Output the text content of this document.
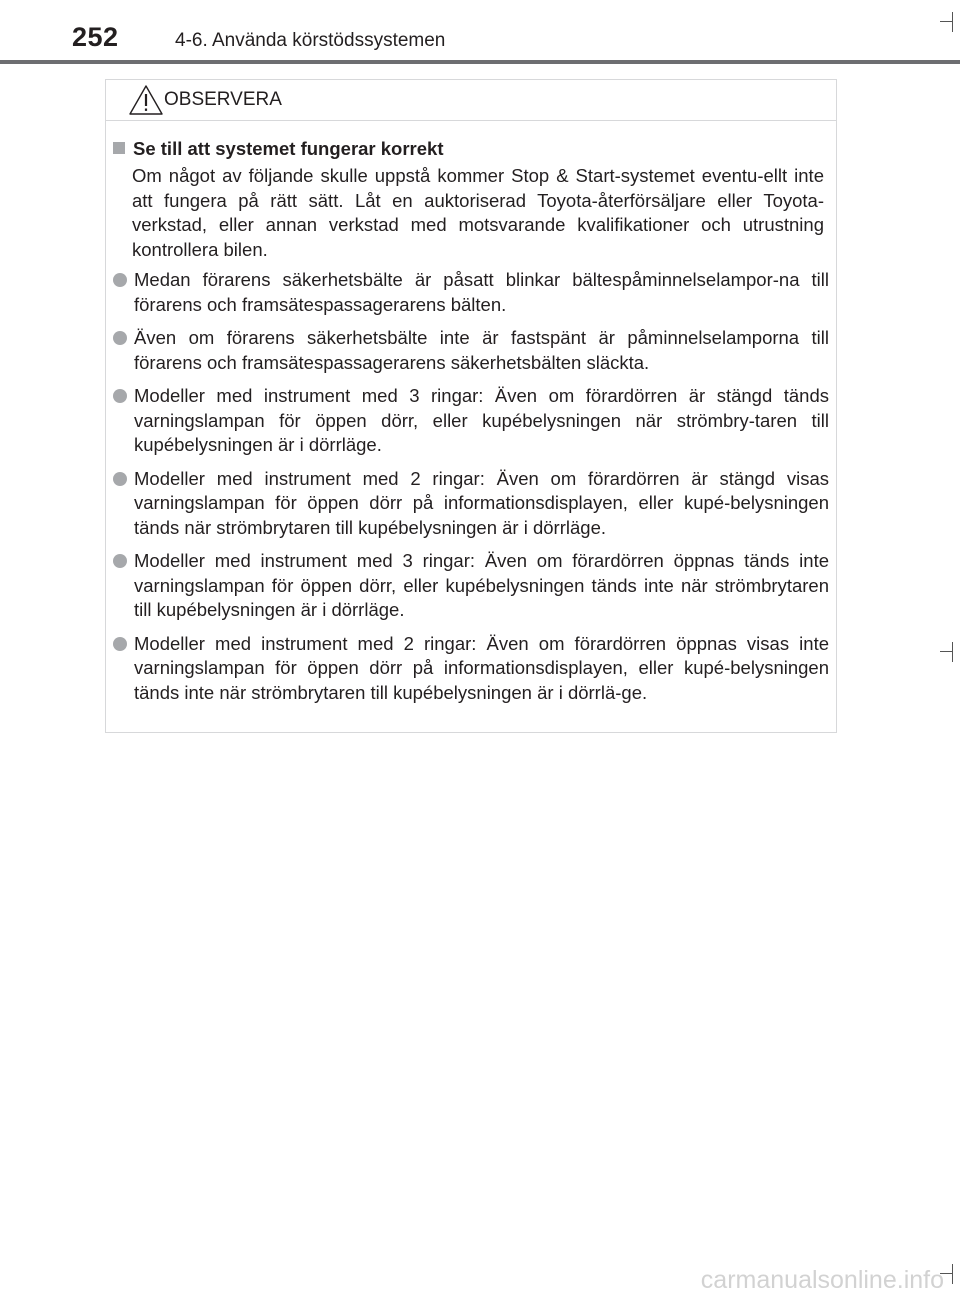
252	4-6. Använda körstödssystemen
OBSERVERA
Se till att systemet fungerar korrekt
Om något av följande skulle uppstå kommer Stop & Start-systemet eventu-ellt inte att fungera på rätt sätt. Låt en auktoriserad Toyota-återförsäljare eller Toyota-verkstad, eller annan verkstad med motsvarande kvalifikationer och utrustning kontrollera bilen.
Medan förarens säkerhetsbälte är påsatt blinkar bältespåminnelselampor-na till förarens och framsätespassagerarens bälten.
Även om förarens säkerhetsbälte inte är fastspänt är påminnelselamporna till förarens och framsätespassagerarens säkerhetsbälten släckta.
Modeller med instrument med 3 ringar: Även om förardörren är stängd tänds varningslampan för öppen dörr, eller kupébelysningen när strömbry-taren till kupébelysningen är i dörrläge.
Modeller med instrument med 2 ringar: Även om förardörren är stängd visas varningslampan för öppen dörr på informationsdisplayen, eller kupé-belysningen tänds när strömbrytaren till kupébelysningen är i dörrläge.
Modeller med instrument med 3 ringar: Även om förardörren öppnas tänds inte varningslampan för öppen dörr, eller kupébelysningen tänds inte när strömbrytaren till kupébelysningen är i dörrläge.
Modeller med instrument med 2 ringar: Även om förardörren öppnas visas inte varningslampan för öppen dörr på informationsdisplayen, eller kupé-belysningen tänds inte när strömbrytaren till kupébelysningen är i dörrlä-ge.
carmanualsonline.info
